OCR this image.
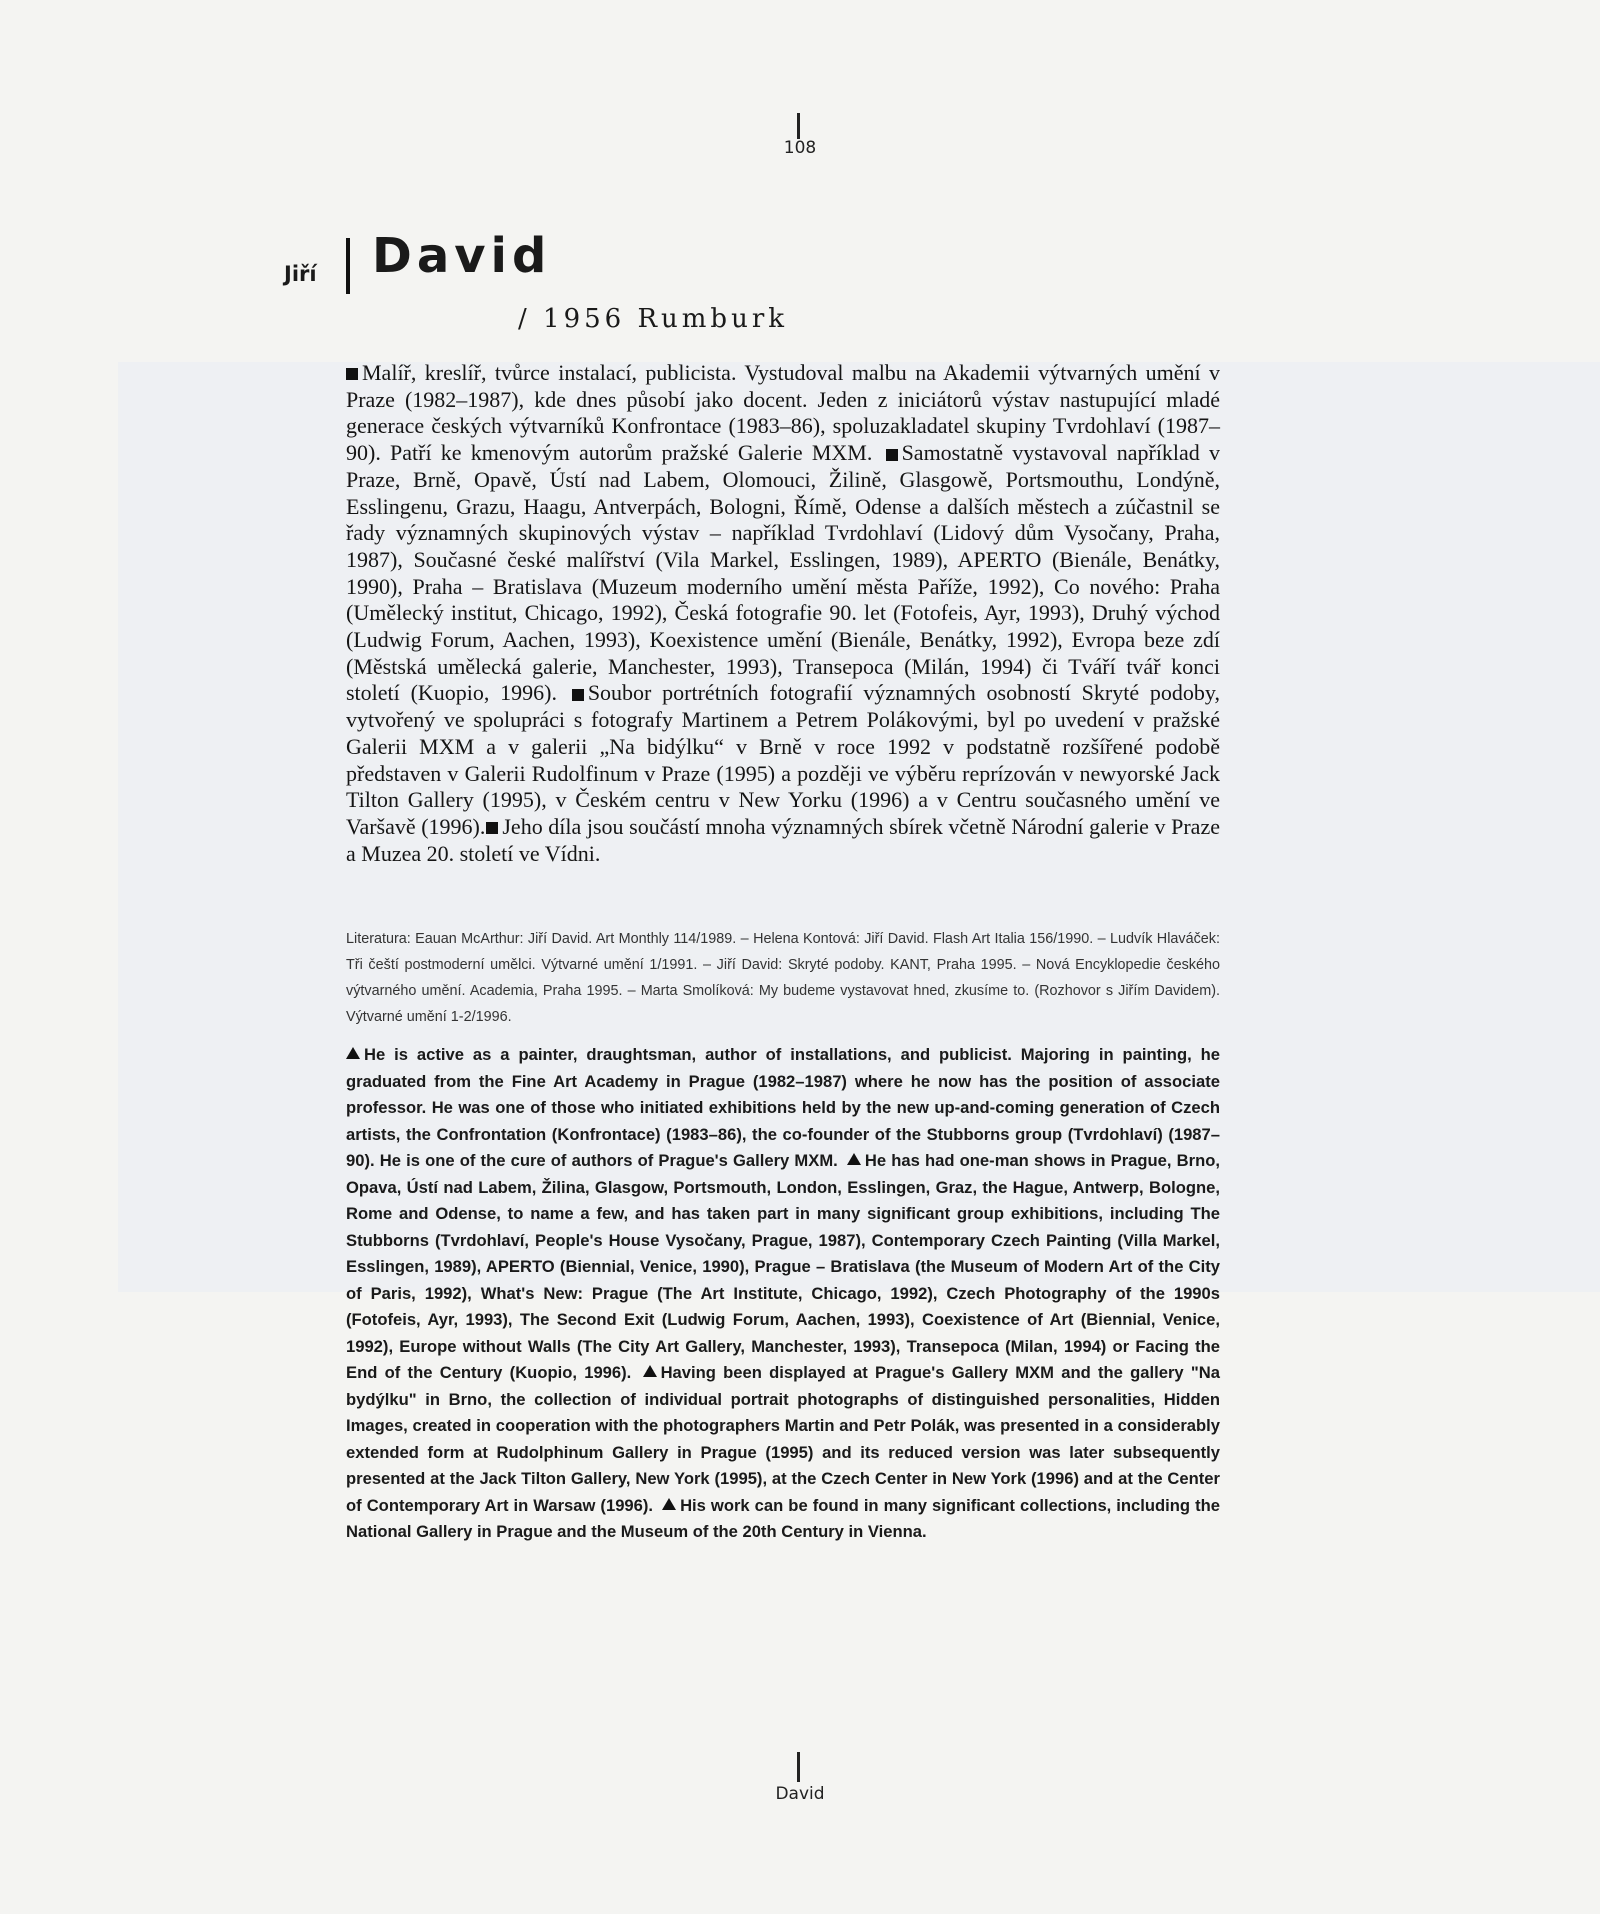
108
Jiří David
/ 1956 Rumburk
Malíř, kreslíř, tvůrce instalací, publicista. Vystudoval malbu na Akademii výtvarných umění v Praze (1982–1987), kde dnes působí jako docent. Jeden z iniciátorů výstav nastupující mladé generace českých výtvarníků Konfrontace (1983–86), spoluzakladatel skupiny Tvrdohlaví (1987–90). Patří ke kmenovým autorům pražské Galerie MXM. Samostatně vystavoval například v Praze, Brně, Opavě, Ústí nad Labem, Olomouci, Žilině, Glasgowě, Portsmouthu, Londýně, Esslingenu, Grazu, Haagu, Antverpách, Bologni, Římě, Odense a dalších městech a zúčastnil se řady významných skupinových výstav – například Tvrdohlaví (Lidový dům Vysočany, Praha, 1987), Současné české malířství (Vila Markel, Esslingen, 1989), APERTO (Bienále, Benátky, 1990), Praha – Bratislava (Muzeum moderního umění města Paříže, 1992), Co nového: Praha (Umělecký institut, Chicago, 1992), Česká fotografie 90. let (Fotofeis, Ayr, 1993), Druhý východ (Ludwig Forum, Aachen, 1993), Koexistence umění (Bienále, Benátky, 1992), Evropa beze zdí (Městská umělecká galerie, Manchester, 1993), Transepoca (Milán, 1994) či Tváří tvář konci století (Kuopio, 1996). Soubor portrétních fotografií významných osobností Skryté podoby, vytvořený ve spolupráci s fotografy Martinem a Petrem Polákovými, byl po uvedení v pražské Galerii MXM a v galerii „Na bidýlku“ v Brně v roce 1992 v podstatně rozšířené podobě představen v Galerii Rudolfinum v Praze (1995) a později ve výběru reprízován v newyorské Jack Tilton Gallery (1995), v Českém centru v New Yorku (1996) a v Centru současného umění ve Varšavě (1996). Jeho díla jsou součástí mnoha významných sbírek včetně Národní galerie v Praze a Muzea 20. století ve Vídni.
Literatura: Eauan McArthur: Jiří David. Art Monthly 114/1989. – Helena Kontová: Jiří David. Flash Art Italia 156/1990. – Ludvík Hlaváček: Tři čeští postmoderní umělci. Výtvarné umění 1/1991. – Jiří David: Skryté podoby. KANT, Praha 1995. – Nová Encyklopedie českého výtvarného umění. Academia, Praha 1995. – Marta Smolíková: My budeme vystavovat hned, zkusíme to. (Rozhovor s Jiřím Davidem). Výtvarné umění 1-2/1996.
He is active as a painter, draughtsman, author of installations, and publicist. Majoring in painting, he graduated from the Fine Art Academy in Prague (1982–1987) where he now has the position of associate professor. He was one of those who initiated exhibitions held by the new up-and-coming generation of Czech artists, the Confrontation (Konfrontace) (1983–86), the co-founder of the Stubborns group (Tvrdohlaví) (1987–90). He is one of the cure of authors of Prague's Gallery MXM. He has had one-man shows in Prague, Brno, Opava, Ústí nad Labem, Žilina, Glasgow, Portsmouth, London, Esslingen, Graz, the Hague, Antwerp, Bologne, Rome and Odense, to name a few, and has taken part in many significant group exhibitions, including The Stubborns (Tvrdohlaví, People's House Vysočany, Prague, 1987), Contemporary Czech Painting (Villa Markel, Esslingen, 1989), APERTO (Biennial, Venice, 1990), Prague – Bratislava (the Museum of Modern Art of the City of Paris, 1992), What's New: Prague (The Art Institute, Chicago, 1992), Czech Photography of the 1990s (Fotofeis, Ayr, 1993), The Second Exit (Ludwig Forum, Aachen, 1993), Coexistence of Art (Biennial, Venice, 1992), Europe without Walls (The City Art Gallery, Manchester, 1993), Transepoca (Milan, 1994) or Facing the End of the Century (Kuopio, 1996). Having been displayed at Prague's Gallery MXM and the gallery "Na bydýlku" in Brno, the collection of individual portrait photographs of distinguished personalities, Hidden Images, created in cooperation with the photographers Martin and Petr Polák, was presented in a considerably extended form at Rudolphinum Gallery in Prague (1995) and its reduced version was later subsequently presented at the Jack Tilton Gallery, New York (1995), at the Czech Center in New York (1996) and at the Center of Contemporary Art in Warsaw (1996). His work can be found in many significant collections, including the National Gallery in Prague and the Museum of the 20th Century in Vienna.
David
